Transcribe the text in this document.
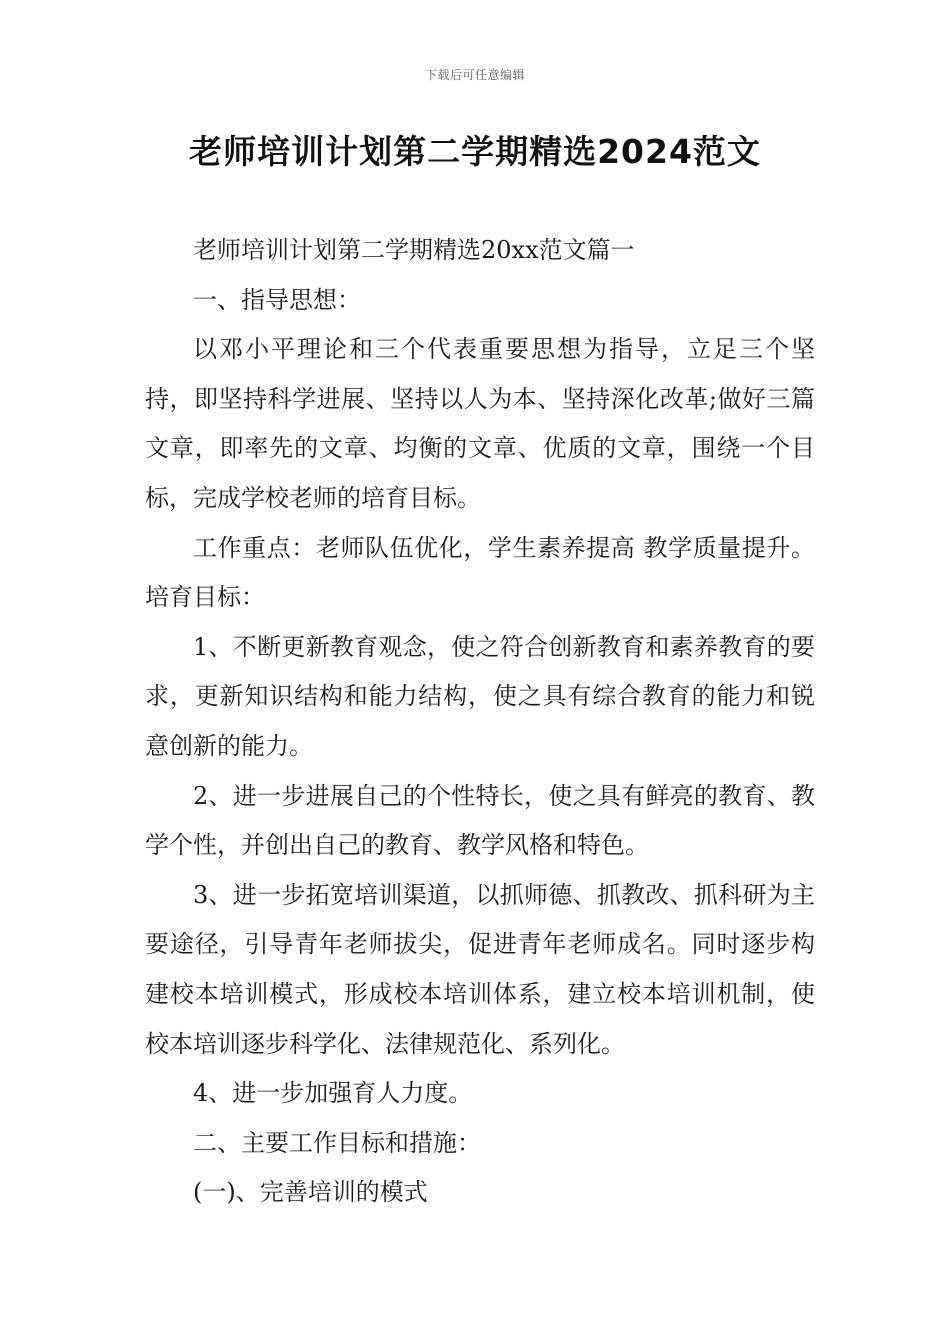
下载后可任意编辑
老师培训计划第二学期精选2024范文

老师培训计划第二学期精选20xx范文篇一

一、指导思想：

以邓小平理论和三个代表重要思想为指导，立足三个坚持，即坚持科学进展、坚持以人为本、坚持深化改革;做好三篇文章，即率先的文章、均衡的文章、优质的文章，围绕一个目标，完成学校老师的培育目标。

工作重点：老师队伍优化，学生素养提高 教学质量提升。 培育目标：

1、不断更新教育观念，使之符合创新教育和素养教育的要求，更新知识结构和能力结构，使之具有综合教育的能力和锐意创新的能力。

2、进一步进展自己的个性特长，使之具有鲜亮的教育、教学个性，并创出自己的教育、教学风格和特色。

3、进一步拓宽培训渠道，以抓师德、抓教改、抓科研为主要途径，引导青年老师拔尖，促进青年老师成名。同时逐步构建校本培训模式，形成校本培训体系，建立校本培训机制，使校本培训逐步科学化、法律规范化、系列化。

4、进一步加强育人力度。

二、主要工作目标和措施：

(一)、完善培训的模式
